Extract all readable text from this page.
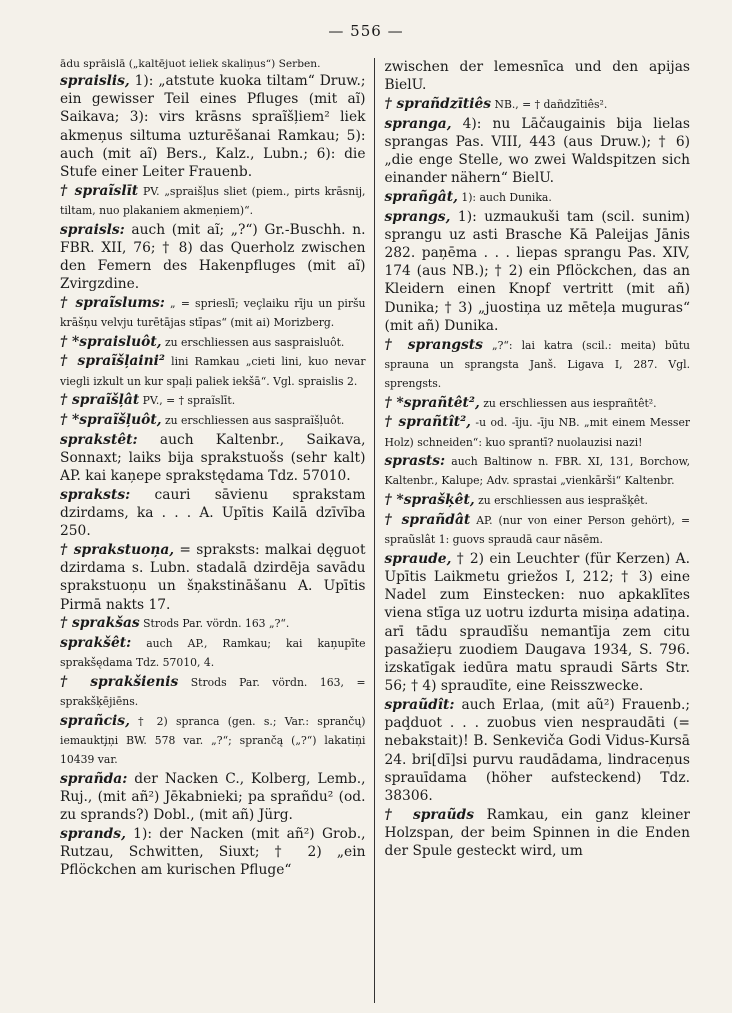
— 556 —

ādu sprāislā („kaltējuot ieliek skaliņus“) Serben.

spraislis, 1): „atstute kuoka tiltam“ Druw.; ein gewisser Teil eines Pfluges (mit aĩ) Saikava; 3): virs krāsns spraĩšļiem² liek akmeņus siltuma uzturēšanai Ramkau; 5): auch (mit aĩ) Bers., Kalz., Lubn.; 6): die Stufe einer Leiter Frauenb.

† spraĩslīt PV. „spraišļus sliet (piem., pirts krāsnij, tiltam, nuo plakaniem akmeņiem)“.

spraisls: auch (mit aĩ; „?“) Gr.-Buschh. n. FBR. XII, 76; † 8) das Querholz zwischen den Femern des Hakenpfluges (mit aĩ) Zvirgzdine.

† spraĩslums: „ = sprieslī; veçlaiku rīju un piršu krāšņu velvju turētājas stīpas“ (mit ai) Morizberg.

† *spraisluôt, zu erschliessen aus saspraisluôt.

† spraĩšļaini² lini Ramkau „cieti lini, kuo nevar viegli izkult un kur spaļi paliek iekšā“. Vgl. spraislis 2.

† spraĩšļât PV., = † spraĩslīt.

† *spraĩšļuôt, zu erschliessen aus saspraĩšļuôt.

sprakstêt: auch Kaltenbr., Saikava, Sonnaxt; laiks bija sprakstuošs (sehr kalt) AP. kai kaņepe sprakstędama Tdz. 57010.

spraksts: cauri sāvienu sprakstam dzirdams, ka . . . A. Upītis Kailā dzīvība 250.

† sprakstuoņa, = spraksts: malkai dęguot dzirdama s. Lubn. stadalā dzirdēja savādu sprakstuoņu un šņakstināšanu A. Upītis Pirmā nakts 17.

† sprakšas Strods Par. vördn. 163 „?“.

sprakšêt: auch AP., Ramkau; kai kaņupīte sprakšędama Tdz. 57010, 4.

† sprakšienis Strods Par. vördn. 163, = sprakšķējiēns.

sprañcis, † 2) spranca (gen. s.; Var.: sprančų) iemaukti̧ņi BW. 578 var. „?“; sprančą („?“) lakatiņi 10439 var.

sprañda: der Nacken C., Kolberg, Lemb., Ruj., (mit añ²) Jēkabnieki; pa sprañdu² (od. zu sprands?) Dobl., (mit añ) Jürg.

sprands, 1): der Nacken (mit añ²) Grob., Rutzau, Schwitten, Siuxt; † 2) „ein Pflöckchen am kurischen Pfluge“

zwischen der lemesnīca und den apijas BielU.

† sprañdzītiês NB., = † dañdzītiês².

spranga, 4): nu Lāčaugainis bija lielas sprangas Pas. VIII, 443 (aus Druw.); † 6) „die enge Stelle, wo zwei Waldspitzen sich einander nähern“ BielU.

sprañgât, 1): auch Dunika.

sprangs, 1): uzmaukuši tam (scil. sunim) sprangu uz asti Brasche Kā Paleijas Jānis 282. paņēma . . . liepas sprangu Pas. XIV, 174 (aus NB.); † 2) ein Pflöckchen, das an Kleidern einen Knopf vertritt (mit añ) Dunika; † 3) „juostiņa uz mēteļa muguras“ (mit añ) Dunika.

† sprangsts „?“: lai katra (scil.: meita) būtu sprauna un sprangsta Janš. Ligava I, 287. Vgl. sprengsts.

† *sprañtêt², zu erschliessen aus iesprañtêt².

† sprañtît², -u od. -īju. -īju NB. „mit einem Messer Holz) schneiden“: kuo sprantī? nuolauzisi nazi!

sprasts: auch Baltinow n. FBR. XI, 131, Borchow, Kaltenbr., Kalupe; Adv. sprastai „vienkārši“ Kaltenbr.

† *sprašķêt, zu erschliessen aus iesprašķêt.

† sprañdât AP. (nur von einer Person gehört), = spraũslât 1: guovs spraudā caur nāsēm.

spraude, † 2) ein Leuchter (für Kerzen) A. Upītis Laikmetu griežos I, 212; † 3) eine Nadel zum Einstecken: nuo apkaklītes viena stīga uz uotru izdurta misiņa adatiņa. arī tādu spraudīšu nemantīja zem citu pasažieŗu zuodiem Daugava 1934, S. 796. izskatīgak iedūra matu spraudi Sārts Str. 56; † 4) spraudīte, eine Reisszwecke.

spraũdît: auch Erlaa, (mit aũ²) Frauenb.; paḑduot . . . zuobus vien nespraudāti (= nebakstait)! B. Senkeviča Godi Vidus-Kursā 24. bri[dī]si purvu raudādama, lindraceņus sprauīdama (höher aufsteckend) Tdz. 38306.

† spraũds Ramkau, ein ganz kleiner Holzspan, der beim Spinnen in die Enden der Spule gesteckt wird, um
